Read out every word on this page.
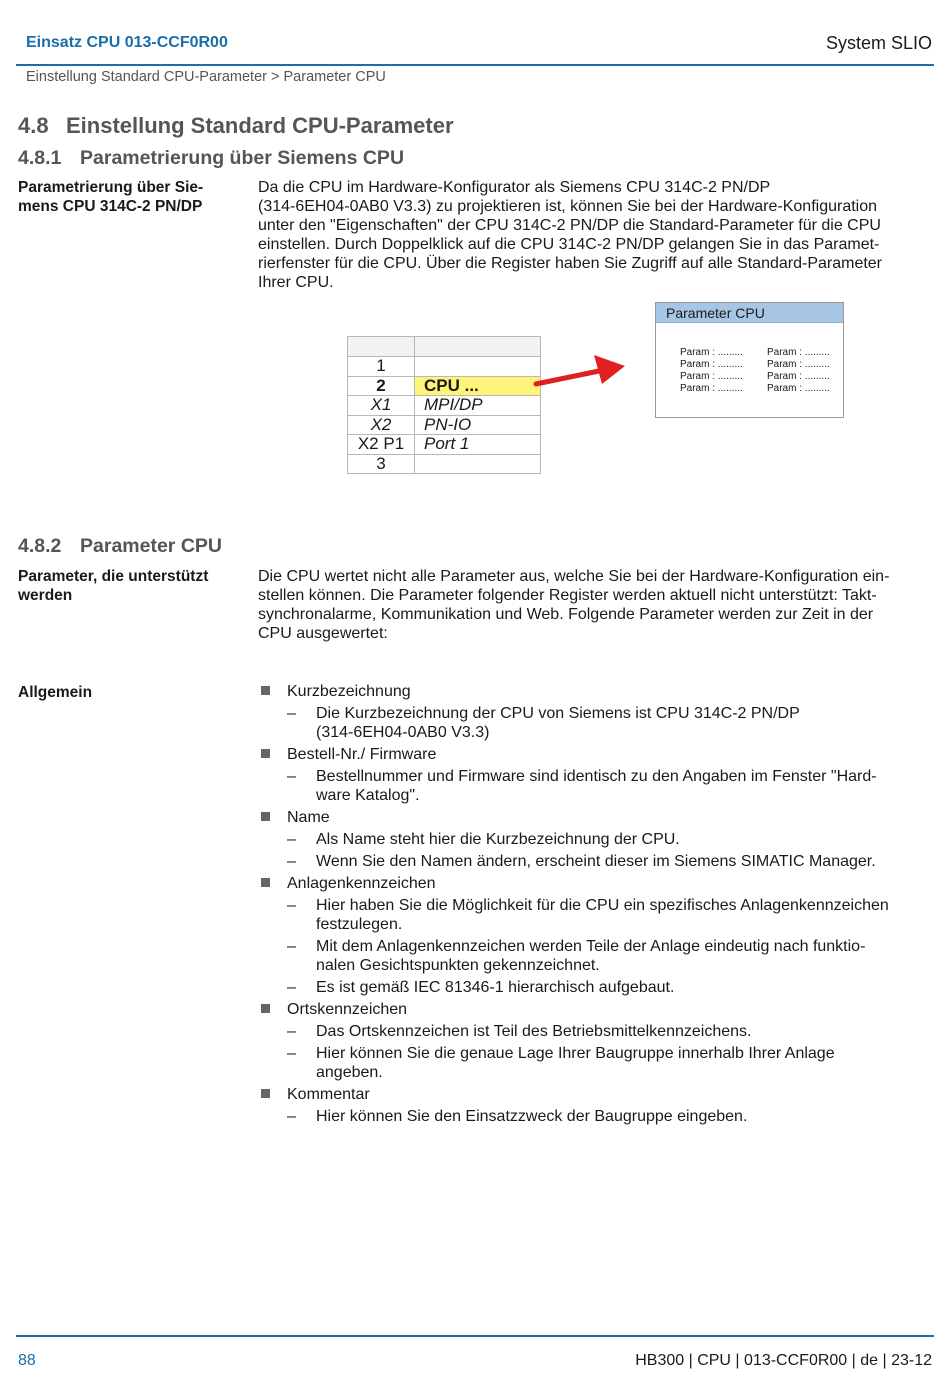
Einsatz CPU 013-CCF0R00	System SLIO
Einstellung Standard CPU-Parameter > Parameter CPU
4.8 Einstellung Standard CPU-Parameter
4.8.1 Parametrierung über Siemens CPU
Parametrierung über Sie-
mens CPU 314C-2 PN/DP
Da die CPU im Hardware-Konfigurator als Siemens CPU 314C-2 PN/DP
(314-6EH04-0AB0 V3.3) zu projektieren ist, können Sie bei der Hardware-Konfiguration
unter den "Eigenschaften" der CPU 314C-2 PN/DP die Standard-Parameter für die CPU
einstellen. Durch Doppelklick auf die CPU 314C-2 PN/DP gelangen Sie in das Paramet-
rierfenster für die CPU. Über die Register haben Sie Zugriff auf alle Standard-Parameter
Ihrer CPU.

1	
2	CPU ...
X1	MPI/DP
X2	PN-IO
X2 P1	Port 1
3	
Parameter CPU
Param : .........	Param : .........
Param : .........	Param : .........
Param : .........	Param : .........
Param : .........	Param : .........
4.8.2 Parameter CPU
Parameter, die unterstützt
werden
Die CPU wertet nicht alle Parameter aus, welche Sie bei der Hardware-Konfiguration ein-
stellen können. Die Parameter folgender Register werden aktuell nicht unterstützt: Takt-
synchronalarme, Kommunikation und Web. Folgende Parameter werden zur Zeit in der
CPU ausgewertet:
Allgemein	Kurzbezeichnung
– Die Kurzbezeichnung der CPU von Siemens ist CPU 314C-2 PN/DP
(314-6EH04-0AB0 V3.3)
Bestell-Nr./ Firmware
– Bestellnummer und Firmware sind identisch zu den Angaben im Fenster "Hard-
ware Katalog".
Name
– Als Name steht hier die Kurzbezeichnung der CPU.
– Wenn Sie den Namen ändern, erscheint dieser im Siemens SIMATIC Manager.
Anlagenkennzeichen
– Hier haben Sie die Möglichkeit für die CPU ein spezifisches Anlagenkennzeichen
festzulegen.
– Mit dem Anlagenkennzeichen werden Teile der Anlage eindeutig nach funktio-
nalen Gesichtspunkten gekennzeichnet.
– Es ist gemäß IEC 81346-1 hierarchisch aufgebaut.
Ortskennzeichen
– Das Ortskennzeichen ist Teil des Betriebsmittelkennzeichens.
– Hier können Sie die genaue Lage Ihrer Baugruppe innerhalb Ihrer Anlage
angeben.
Kommentar
– Hier können Sie den Einsatzzweck der Baugruppe eingeben.
88	HB300 | CPU | 013-CCF0R00 | de | 23-12
